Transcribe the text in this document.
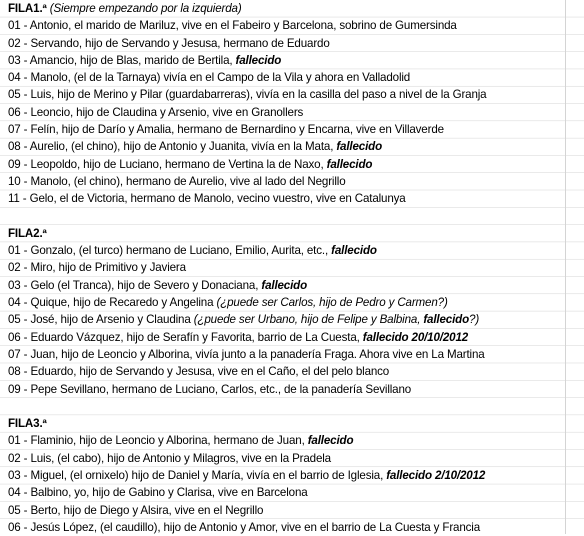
FILA1.ª (Siempre empezando por la izquierda)
01 - Antonio, el marido de Mariluz, vive en el Fabeiro y Barcelona, sobrino de Gumersinda
02 - Servando, hijo de Servando y Jesusa, hermano de Eduardo
03 - Amancio, hijo de Blas, marido de Bertila, fallecido
04 - Manolo, (el de la Tarnaya) vivía en el Campo de la Vila y ahora en Valladolid
05 - Luis, hijo de Merino y Pilar (guardabarreras), vivía en la casilla del paso a nivel de la Granja
06 - Leoncio, hijo de Claudina y Arsenio, vive en Granollers
07 - Felín, hijo de Darío y Amalia, hermano de Bernardino y Encarna, vive en Villaverde
08 - Aurelio, (el chino), hijo de Antonio y Juanita, vivía en la Mata, fallecido
09 - Leopoldo, hijo de Luciano, hermano de Vertina la de Naxo, fallecido
10 - Manolo, (el chino), hermano de Aurelio, vive al lado del Negrillo
11 - Gelo, el de Victoria, hermano de Manolo, vecino vuestro, vive en Catalunya
FILA2.ª
01 - Gonzalo, (el turco) hermano de Luciano, Emilio, Aurita, etc., fallecido
02 - Miro, hijo de Primitivo y Javiera
03 - Gelo (el Tranca), hijo de Severo y Donaciana, fallecido
04 - Quique, hijo de Recaredo y Angelina (¿puede ser Carlos, hijo de Pedro y Carmen?)
05 - José, hijo de Arsenio y Claudina (¿puede ser Urbano, hijo de Felipe y Balbina, fallecido?)
06 - Eduardo Vázquez, hijo de Serafín y Favorita, barrio de La Cuesta, fallecido 20/10/2012
07 - Juan, hijo de Leoncio y Alborina, vivía junto a la panadería Fraga. Ahora vive en La Martina
08 - Eduardo, hijo de Servando y Jesusa, vive en el Caño, el del pelo blanco
09 - Pepe Sevillano, hermano de Luciano, Carlos, etc., de la panadería Sevillano
FILA3.ª
01 - Flaminio, hijo de Leoncio y Alborina, hermano de Juan, fallecido
02 - Luis, (el cabo), hijo de Antonio y Milagros, vive en la Pradela
03 - Miguel, (el ornixelo) hijo de Daniel y María, vivía en el barrio de Iglesia, fallecido 2/10/2012
04 - Balbino, yo, hijo de Gabino y Clarisa, vive en Barcelona
05 - Berto, hijo de Diego y Alsira, vive en el Negrillo
06 - Jesús López, (el caudillo), hijo de Antonio y Amor, vive en el barrio de La Cuesta y Francia
